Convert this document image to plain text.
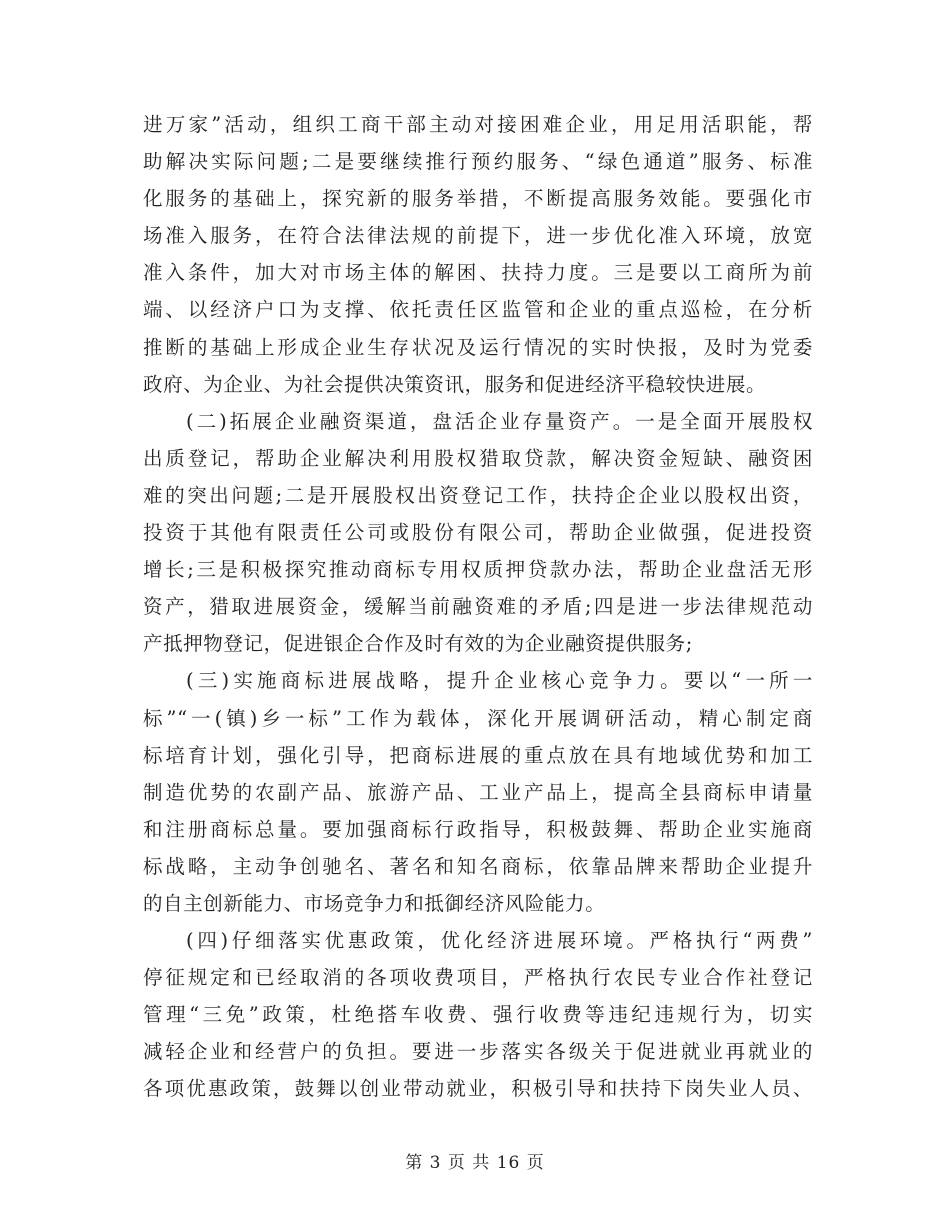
进万家”活动，组织工商干部主动对接困难企业，用足用活职能，帮
助解决实际问题;二是要继续推行预约服务、“绿色通道”服务、标准
化服务的基础上，探究新的服务举措，不断提高服务效能。要强化市
场准入服务，在符合法律法规的前提下，进一步优化准入环境，放宽
准入条件，加大对市场主体的解困、扶持力度。三是要以工商所为前
端、以经济户口为支撑、依托责任区监管和企业的重点巡检，在分析
推断的基础上形成企业生存状况及运行情况的实时快报，及时为党委
政府、为企业、为社会提供决策资讯，服务和促进经济平稳较快进展。
(二)拓展企业融资渠道，盘活企业存量资产。一是全面开展股权
出质登记，帮助企业解决利用股权猎取贷款，解决资金短缺、融资困
难的突出问题;二是开展股权出资登记工作，扶持企企业以股权出资，
投资于其他有限责任公司或股份有限公司，帮助企业做强，促进投资
增长;三是积极探究推动商标专用权质押贷款办法，帮助企业盘活无形
资产，猎取进展资金，缓解当前融资难的矛盾;四是进一步法律规范动
产抵押物登记，促进银企合作及时有效的为企业融资提供服务;
(三)实施商标进展战略，提升企业核心竞争力。要以“一所一
标”“一(镇)乡一标”工作为载体，深化开展调研活动，精心制定商
标培育计划，强化引导，把商标进展的重点放在具有地域优势和加工
制造优势的农副产品、旅游产品、工业产品上，提高全县商标申请量
和注册商标总量。要加强商标行政指导，积极鼓舞、帮助企业实施商
标战略，主动争创驰名、著名和知名商标，依靠品牌来帮助企业提升
的自主创新能力、市场竞争力和抵御经济风险能力。
(四)仔细落实优惠政策，优化经济进展环境。严格执行“两费”
停征规定和已经取消的各项收费项目，严格执行农民专业合作社登记
管理“三免”政策，杜绝搭车收费、强行收费等违纪违规行为，切实
减轻企业和经营户的负担。要进一步落实各级关于促进就业再就业的
各项优惠政策，鼓舞以创业带动就业，积极引导和扶持下岗失业人员、
第 3 页 共 16 页
